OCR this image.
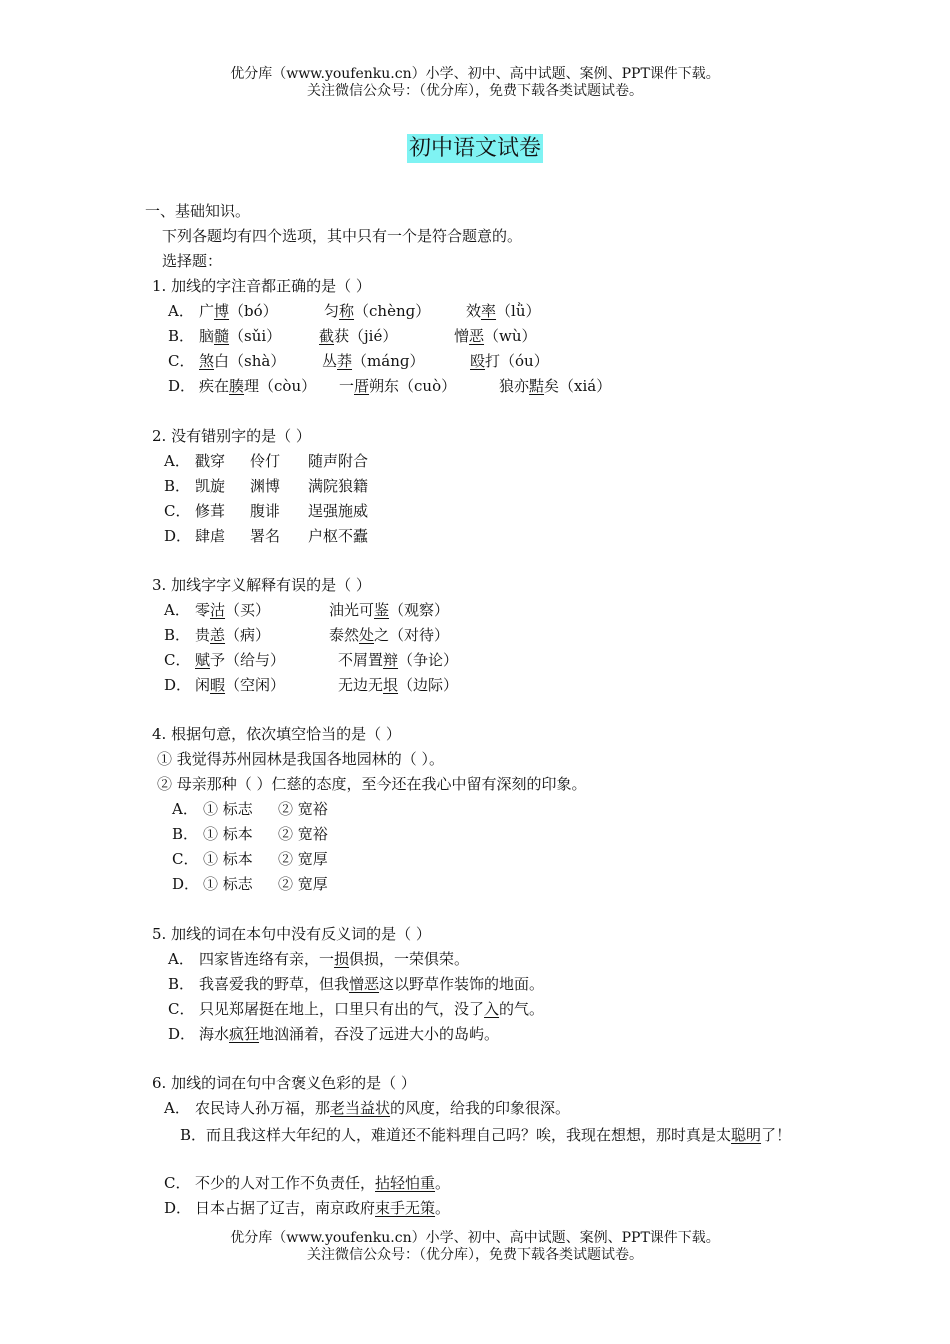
优分库（www.youfenku.cn）小学、初中、高中试题、案例、PPT课件下载。
关注微信公众号：（优分库），免费下载各类试题试卷。
初中语文试卷
一、基础知识。
下列各题均有四个选项，其中只有一个是符合题意的。
选择题：
1. 加线的字注音都正确的是（ ）
A． 广博（bó）	匀称（chènɡ） 效率（lǜ）
B． 脑髓（sǔi）	截获（jié）	憎恶（wù）
C． 煞白（shà） 丛莽（mánɡ）	殴打（óu）
D． 疾在腠理（còu） 一厝朔东（cuò）	狼亦黠矣（xiá）
2. 没有错别字的是（ ）
A． 戳穿 伶仃 随声附合
B． 凯旋 渊博 满院狼籍
C． 修葺 腹诽 逞强施威
D． 肆虐 署名 户枢不蠹
3. 加线字字义解释有误的是（ ）
A． 零沽（买）	油光可鉴（观察）
B． 贵恙（病）	泰然处之（对待）
C． 赋予（给与）	不屑置辩（争论）
D． 闲暇（空闲）	无边无垠（边际）
4. 根据句意，依次填空恰当的是（ ）
① 我觉得苏州园林是我国各地园林的（ ）。
② 母亲那种（ ）仁慈的态度，至今还在我心中留有深刻的印象。
A． ① 标志 ② 宽裕
B． ① 标本 ② 宽裕
C． ① 标本 ② 宽厚
D． ① 标志 ② 宽厚
5. 加线的词在本句中没有反义词的是（ ）
A． 四家皆连络有亲，一损俱损，一荣俱荣。
B． 我喜爱我的野草，但我憎恶这以野草作装饰的地面。
C． 只见郑屠挺在地上，口里只有出的气，没了入的气。
D． 海水疯狂地汹涌着，吞没了远进大小的岛屿。
6. 加线的词在句中含褒义色彩的是（ ）
A． 农民诗人孙万福，那老当益状的风度，给我的印象很深。
B．而且我这样大年纪的人，难道还不能料理自己吗？唉，我现在想想，那时真是太聪明了！
C． 不少的人对工作不负责任，拈轻怕重。
D． 日本占据了辽吉，南京政府束手无策。
优分库（www.youfenku.cn）小学、初中、高中试题、案例、PPT课件下载。
关注微信公众号：（优分库），免费下载各类试题试卷。
